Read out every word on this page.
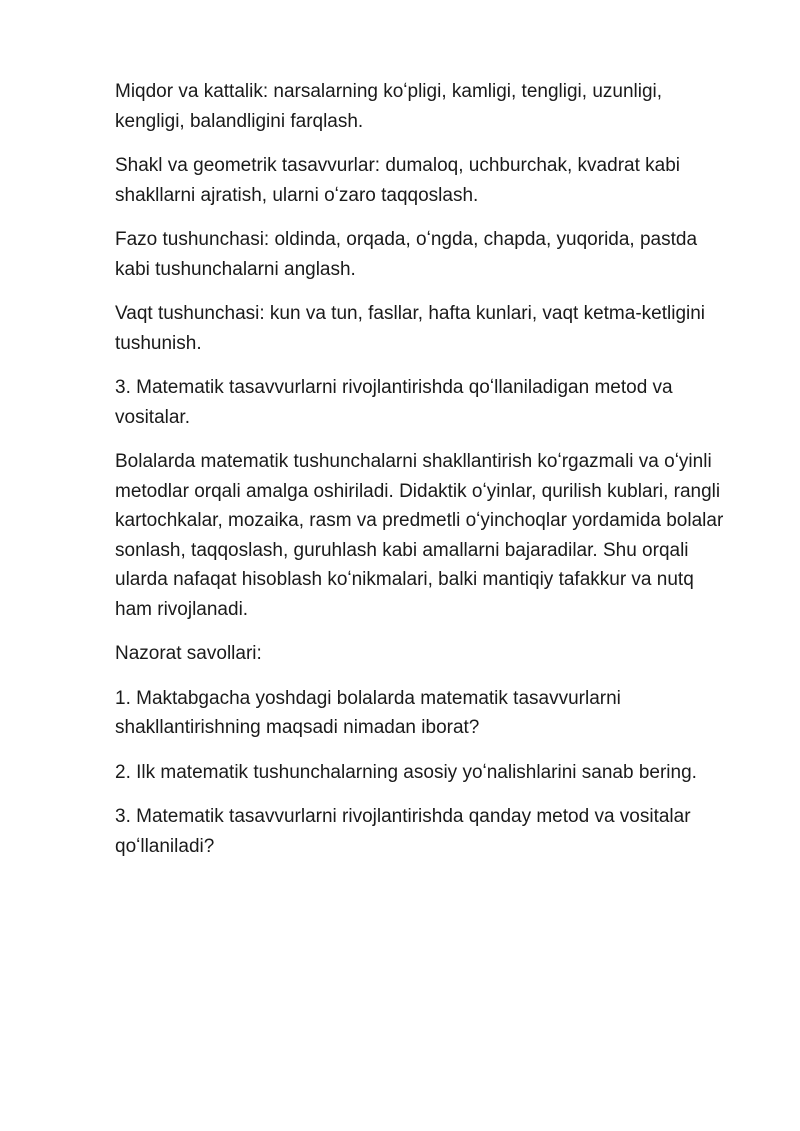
Miqdor va kattalik: narsalarning koʻpligi, kamligi, tengligi, uzunligi, kengligi, balandligini farqlash.

Shakl va geometrik tasavvurlar: dumaloq, uchburchak, kvadrat kabi shakllarni ajratish, ularni oʻzaro taqqoslash.

Fazo tushunchasi: oldinda, orqada, oʻngda, chapda, yuqorida, pastda kabi tushunchalarni anglash.

Vaqt tushunchasi: kun va tun, fasllar, hafta kunlari, vaqt ketma-ketligini tushunish.

3. Matematik tasavvurlarni rivojlantirishda qoʻllaniladigan metod va vositalar.

Bolalarda matematik tushunchalarni shakllantirish koʻrgazmali va oʻyinli metodlar orqali amalga oshiriladi. Didaktik oʻyinlar, qurilish kublari, rangli kartochkalar, mozaika, rasm va predmetli oʻyinchoqlar yordamida bolalar sonlash, taqqoslash, guruhlash kabi amallarni bajaradilar. Shu orqali ularda nafaqat hisoblash koʻnikmalari, balki mantiqiy tafakkur va nutq ham rivojlanadi.

Nazorat savollari:

1. Maktabgacha yoshdagi bolalarda matematik tasavvurlarni shakllantirishning maqsadi nimadan iborat?

2. Ilk matematik tushunchalarning asosiy yoʻnalishlarini sanab bering.

3. Matematik tasavvurlarni rivojlantirishda qanday metod va vositalar qoʻllaniladi?
